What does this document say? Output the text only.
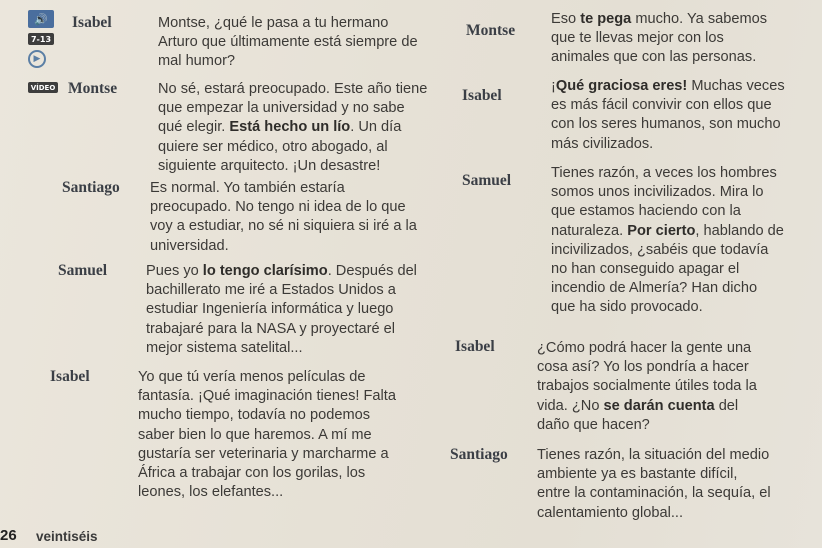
🔊
7-13
▶
VÍDEO
Isabel	Montse, ¿qué le pasa a tu hermano
Arturo que últimamente está siempre de
mal humor?
Montse	No sé, estará preocupado. Este año tiene
que empezar la universidad y no sabe
qué elegir. Está hecho un lío. Un día
quiere ser médico, otro abogado, al
siguiente arquitecto. ¡Un desastre!
Santiago Es normal. Yo también estaría
preocupado. No tengo ni idea de lo que
voy a estudiar, no sé ni siquiera si iré a la
universidad.
Samuel	Pues yo lo tengo clarísimo. Después del
bachillerato me iré a Estados Unidos a
estudiar Ingeniería informática y luego
trabajaré para la NASA y proyectaré el
mejor sistema satelital...
Isabel	Yo que tú vería menos películas de
fantasía. ¡Qué imaginación tienes! Falta
mucho tiempo, todavía no podemos
saber bien lo que haremos. A mí me
gustaría ser veterinaria y marcharme a
África a trabajar con los gorilas, los
leones, los elefantes...
Montse
Eso te pega mucho. Ya sabemos
que te llevas mejor con los
animales que con las personas.
Isabel
¡Qué graciosa eres! Muchas veces
es más fácil convivir con ellos que
con los seres humanos, son mucho
más civilizados.
Samuel	Tienes razón, a veces los hombres
somos unos incivilizados. Mira lo
que estamos haciendo con la
naturaleza. Por cierto, hablando de
incivilizados, ¿sabéis que todavía
no han conseguido apagar el
incendio de Almería? Han dicho
que ha sido provocado.
Isabel	¿Cómo podrá hacer la gente una
cosa así? Yo los pondría a hacer
trabajos socialmente útiles toda la
vida. ¿No se darán cuenta del
daño que hacen?
Santiago Tienes razón, la situación del medio
ambiente ya es bastante difícil,
entre la contaminación, la sequía, el
calentamiento global...
26 veintiséis
